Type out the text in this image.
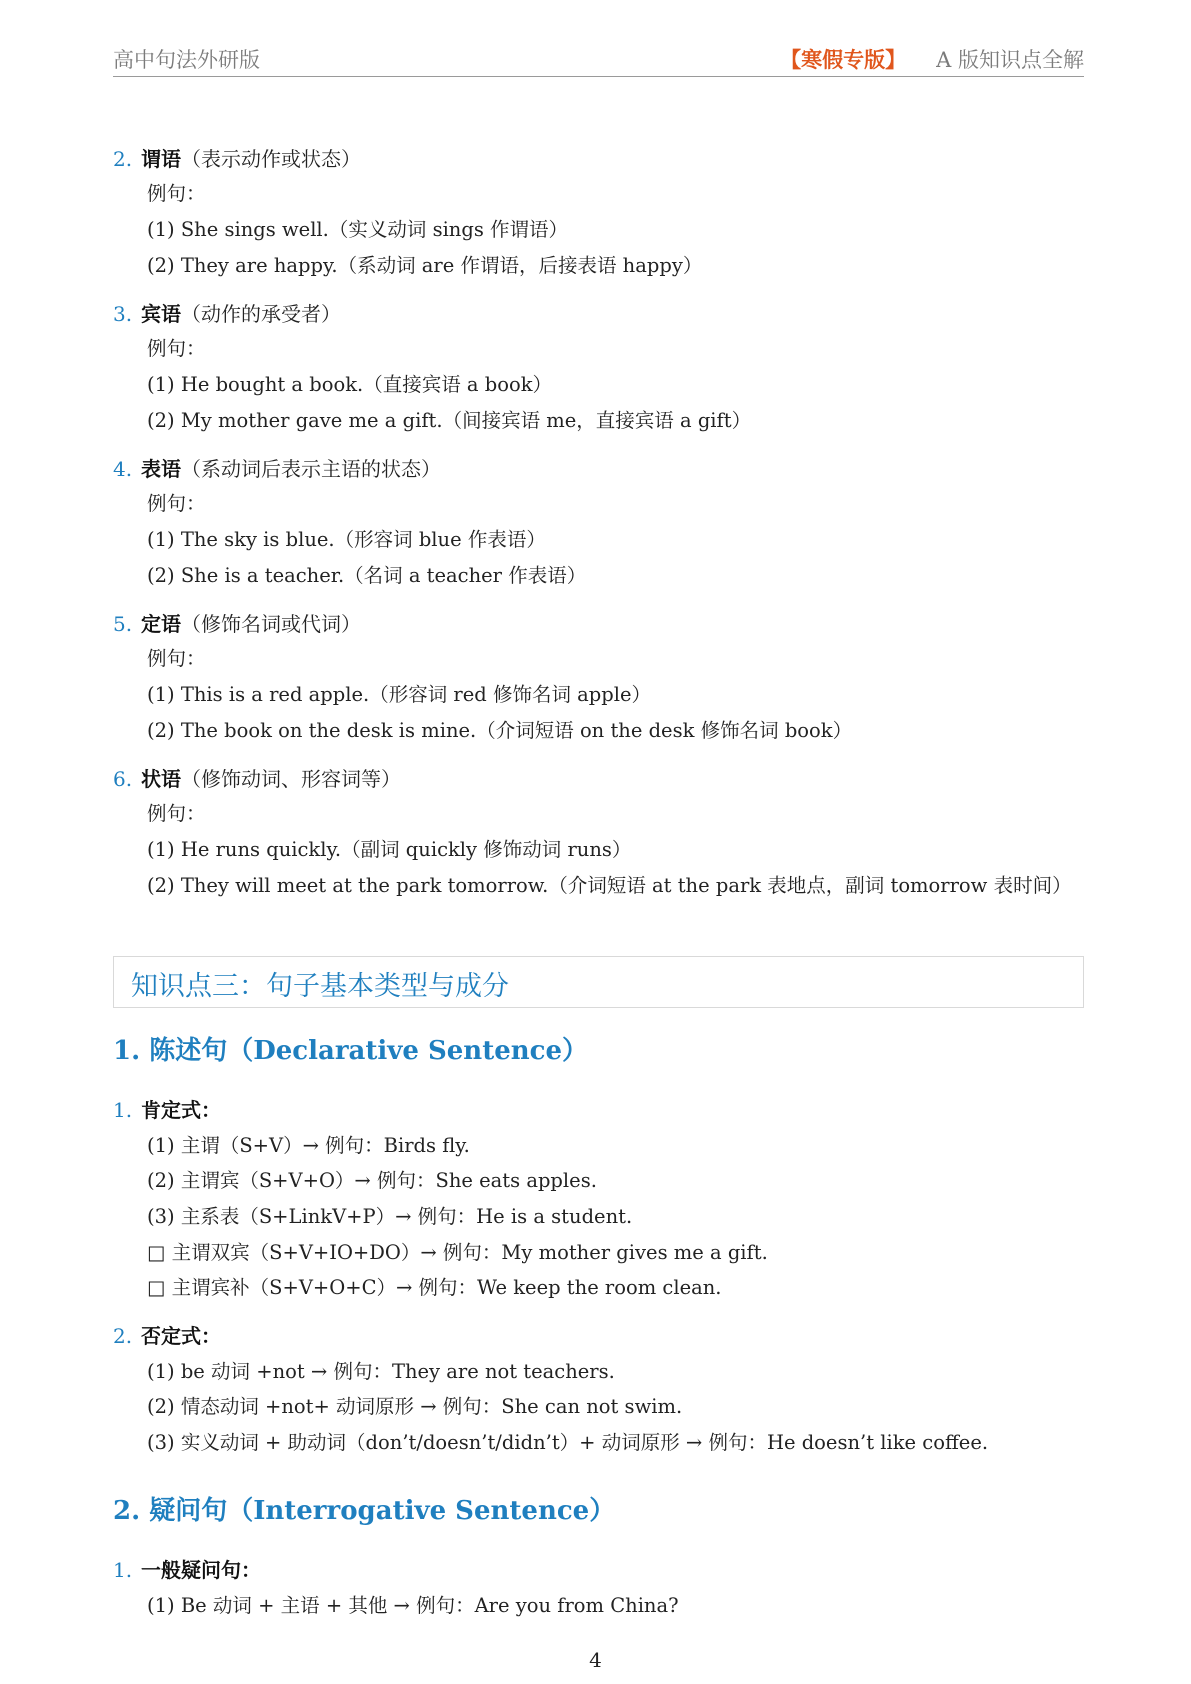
高中句法外研版	【寒假专版】 A 版知识点全解
2. 谓语（表示动作或状态）
例句：
(1) She sings well.（实义动词 sings 作谓语）
(2) They are happy.（系动词 are 作谓语，后接表语 happy）
3. 宾语（动作的承受者）
例句：
(1) He bought a book.（直接宾语 a book）
(2) My mother gave me a gift.（间接宾语 me，直接宾语 a gift）
4. 表语（系动词后表示主语的状态）
例句：
(1) The sky is blue.（形容词 blue 作表语）
(2) She is a teacher.（名词 a teacher 作表语）
5. 定语（修饰名词或代词）
例句：
(1) This is a red apple.（形容词 red 修饰名词 apple）
(2) The book on the desk is mine.（介词短语 on the desk 修饰名词 book）
6. 状语（修饰动词、形容词等）
例句：
(1) He runs quickly.（副词 quickly 修饰动词 runs）
(2) They will meet at the park tomorrow.（介词短语 at the park 表地点，副词 tomorrow 表时间）
知识点三：句子基本类型与成分
1. 陈述句（Declarative Sentence）
1. 肯定式：
(1) 主谓（S+V）→ 例句：Birds fly.
(2) 主谓宾（S+V+O）→ 例句：She eats apples.
(3) 主系表（S+LinkV+P）→ 例句：He is a student.
□ 主谓双宾（S+V+IO+DO）→ 例句：My mother gives me a gift.
□ 主谓宾补（S+V+O+C）→ 例句：We keep the room clean.
2. 否定式：
(1) be 动词 +not → 例句：They are not teachers.
(2) 情态动词 +not+ 动词原形 → 例句：She can not swim.
(3) 实义动词 + 助动词（don’t/doesn’t/didn’t）+ 动词原形 → 例句：He doesn’t like coffee.
2. 疑问句（Interrogative Sentence）
1. 一般疑问句：
(1) Be 动词 + 主语 + 其他 → 例句：Are you from China?
4
